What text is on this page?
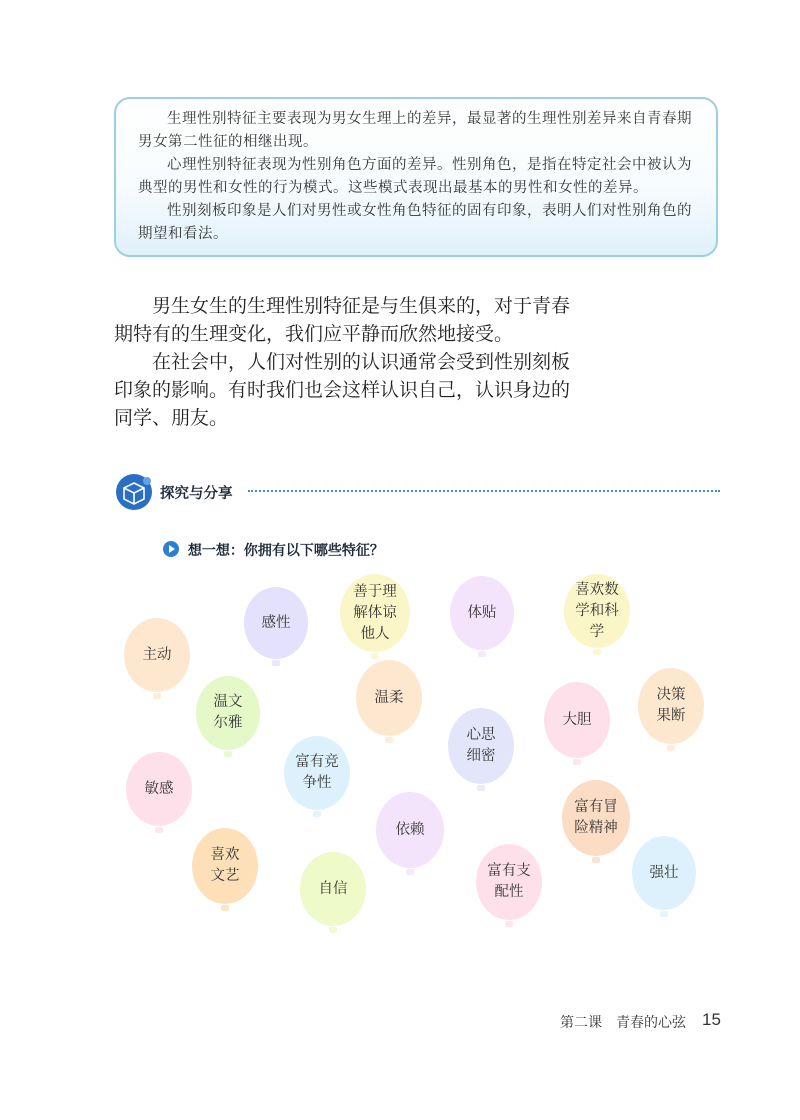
生理性别特征主要表现为男女生理上的差异，最显著的生理性别差异来自青春期男女第二性征的相继出现。

心理性别特征表现为性别角色方面的差异。性别角色，是指在特定社会中被认为典型的男性和女性的行为模式。这些模式表现出最基本的男性和女性的差异。

性别刻板印象是人们对男性或女性角色特征的固有印象，表明人们对性别角色的期望和看法。

男生女生的生理性别特征是与生俱来的，对于青春期特有的生理变化，我们应平静而欣然地接受。

在社会中，人们对性别的认识通常会受到性别刻板印象的影响。有时我们也会这样认识自己，认识身边的同学、朋友。

探究与分享
想一想：你拥有以下哪些特征？
主动
感性
善于理解体谅他人
体贴
喜欢数学和科学
温文尔雅
温柔
心思细密
大胆
决策果断
敏感
富有竞争性
依赖
富有冒险精神
喜欢文艺
自信
富有支配性
强壮
第二课　青春的心弦 15
